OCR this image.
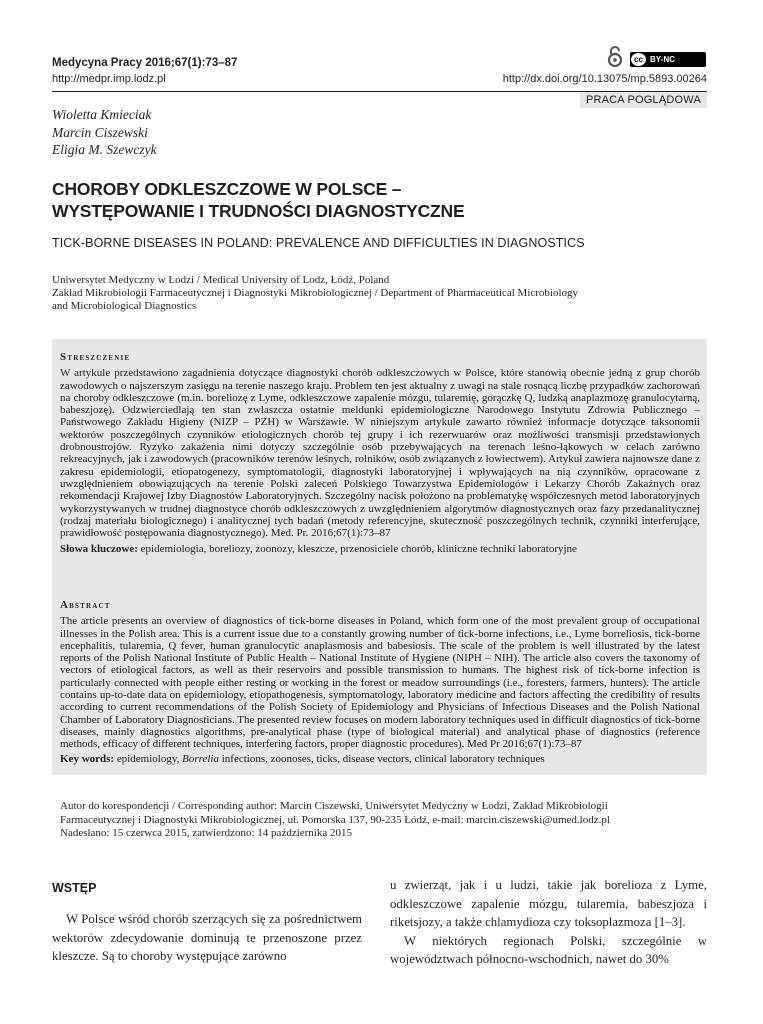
Medycyna Pracy 2016;67(1):73–87
http://medpr.imp.lodz.pl
cc BY-NC
http://dx.doi.org/10.13075/mp.5893.00264
PRACA POGLĄDOWA
Wioletta Kmieciak
Marcin Ciszewski
Eligia M. Szewczyk
CHOROBY ODKLESZCZOWE W POLSCE –
WYSTĘPOWANIE I TRUDNOŚCI DIAGNOSTYCZNE
TICK-BORNE DISEASES IN POLAND: PREVALENCE AND DIFFICULTIES IN DIAGNOSTICS
Uniwersytet Medyczny w Łodzi / Medical University of Lodz, Łódź, Poland
Zakład Mikrobiologii Farmaceutycznej i Diagnostyki Mikrobiologicznej / Department of Pharmaceutical Microbiology
and Microbiological Diagnostics
Streszczenie
W artykule przedstawiono zagadnienia dotyczące diagnostyki chorób odkleszczowych w Polsce, które stanowią obecnie jedną z grup chorób zawodowych o najszerszym zasięgu na terenie naszego kraju. Problem ten jest aktualny z uwagi na stale rosnącą liczbę przypadków zachorowań na choroby odkleszczowe (m.in. boreliozę z Lyme, odkleszczowe zapalenie mózgu, tularemię, gorączkę Q, ludzką anaplazmozę granulocytarną, babeszjozę). Odzwierciedlają ten stan zwłaszcza ostatnie meldunki epidemiologiczne Narodowego Instytutu Zdrowia Publicznego – Państwowego Zakładu Higieny (NIZP – PZH) w Warszawie. W niniejszym artykule zawarto również informacje dotyczące taksonomii wektorów poszczególnych czynników etiologicznych chorób tej grupy i ich rezerwuarów oraz możliwości transmisji przedstawionych drobnoustrojów. Ryzyko zakażenia nimi dotyczy szczególnie osób przebywających na terenach leśno-łąkowych w celach zarówno rekreacyjnych, jak i zawodowych (pracowników terenów leśnych, rolników, osób związanych z łowiectwem). Artykuł zawiera najnowsze dane z zakresu epidemiologii, etiopatogenezy, symptomatologii, diagnostyki laboratoryjnej i wpływających na nią czynników, opracowane z uwzględnieniem obowiązujących na terenie Polski zaleceń Polskiego Towarzystwa Epidemiologów i Lekarzy Chorób Zakaźnych oraz rekomendacji Krajowej Izby Diagnostów Laboratoryjnych. Szczególny nacisk położono na problematykę współczesnych metod laboratoryjnych wykorzystywanych w trudnej diagnostyce chorób odkleszczowych z uwzględnieniem algorytmów diagnostycznych oraz fazy przedanalitycznej (rodzaj materiału biologicznego) i analitycznej tych badań (metody referencyjne, skuteczność poszczególnych technik, czynniki interferujące, prawidłowość postępowania diagnostycznego). Med. Pr. 2016;67(1):73–87
Słowa kluczowe: epidemiologia, boreliozy, zoonozy, kleszcze, przenosiciele chorób, kliniczne techniki laboratoryjne
Abstract
The article presents an overview of diagnostics of tick-borne diseases in Poland, which form one of the most prevalent group of occupational illnesses in the Polish area. This is a current issue due to a constantly growing number of tick-borne infections, i.e., Lyme borreliosis, tick-borne encephalitis, tularemia, Q fever, human granulocytic anaplasmosis and babesiosis. The scale of the problem is well illustrated by the latest reports of the Polish National Institute of Public Health – National Institute of Hygiene (NIPH – NIH). The article also covers the taxonomy of vectors of etiological factors, as well as their reservoirs and possible transmission to humans. The highest risk of tick-borne infection is particularly connected with people either resting or working in the forest or meadow surroundings (i.e., foresters, farmers, hunters). The article contains up-to-date data on epidemiology, etiopathogenesis, symptomatology, laboratory medicine and factors affecting the credibility of results according to current recommendations of the Polish Society of Epidemiology and Physicians of Infectious Diseases and the Polish National Chamber of Laboratory Diagnosticians. The presented review focuses on modern laboratory techniques used in difficult diagnostics of tick-borne diseases, mainly diagnostics algorithms, pre-analytical phase (type of biological material) and analytical phase of diagnostics (reference methods, efficacy of different techniques, interfering factors, proper diagnostic procedures). Med Pr 2016;67(1):73–87
Key words: epidemiology, Borrelia infections, zoonoses, ticks, disease vectors, clinical laboratory techniques
Autor do korespondencji / Corresponding author: Marcin Ciszewski, Uniwersytet Medyczny w Łodzi, Zakład Mikrobiologii
Farmaceutycznej i Diagnostyki Mikrobiologicznej, ul. Pomorska 137, 90-235 Łódź, e-mail: marcin.ciszewski@umed.lodz.pl
Nadesłano: 15 czerwca 2015, zatwierdzono: 14 października 2015
WSTĘP
W Polsce wśród chorób szerzących się za pośrednictwem wektorów zdecydowanie dominują te przenoszone przez kleszcze. Są to choroby występujące zarówno
u zwierząt, jak i u ludzi, takie jak borelioza z Lyme, odkleszczowe zapalenie mózgu, tularemia, babeszjoza i riketsjozy, a także chlamydioza czy toksoplazmoza [1–3].
W niektórych regionach Polski, szczególnie w województwach północno-wschodnich, nawet do 30%
